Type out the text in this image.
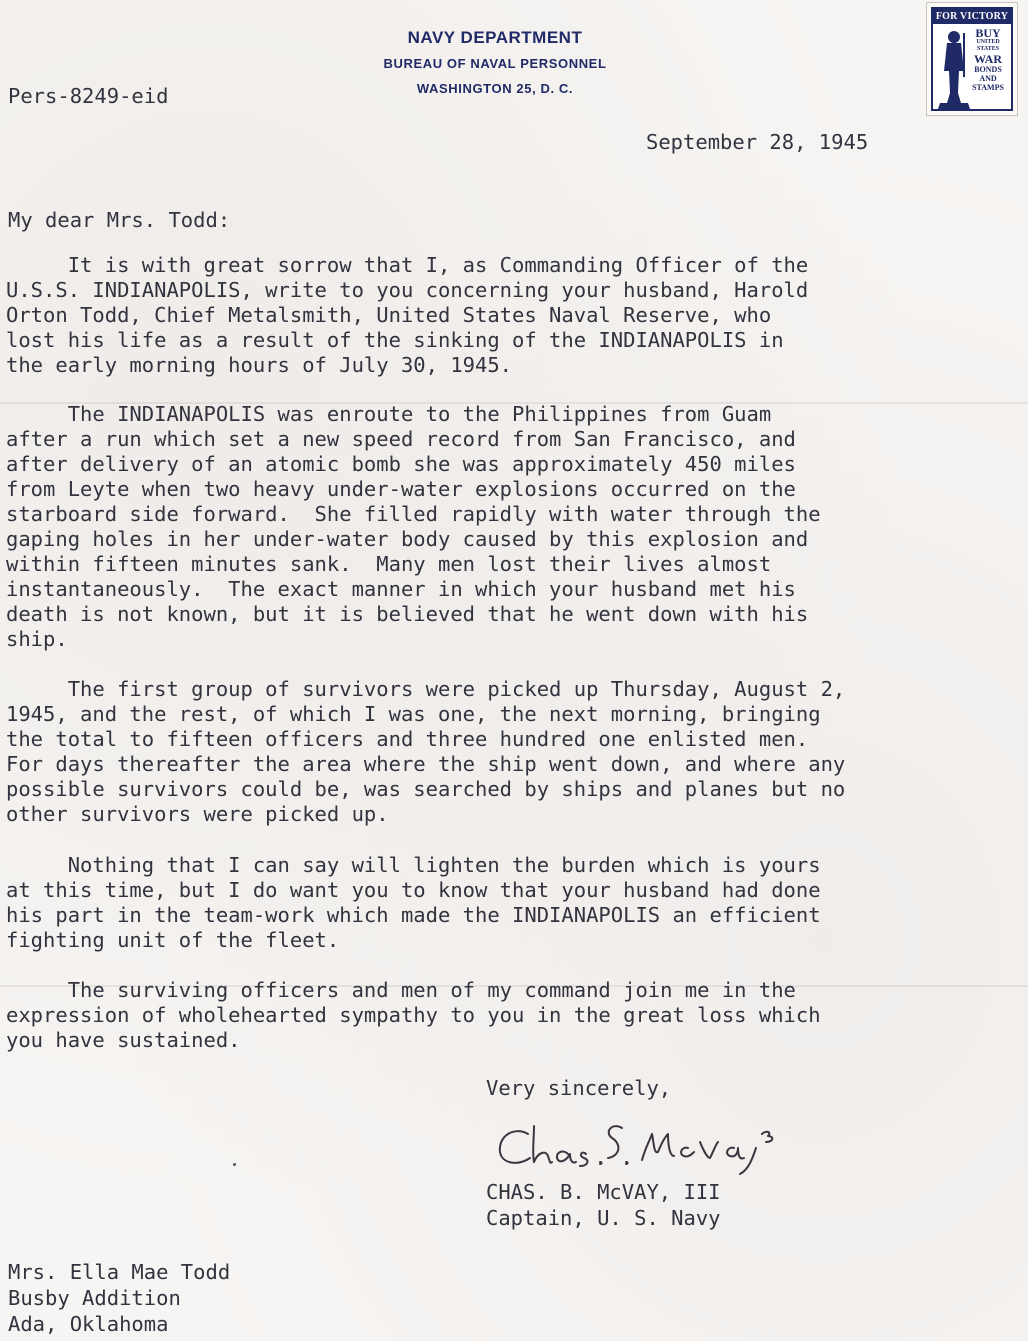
NAVY DEPARTMENT
BUREAU OF NAVAL PERSONNEL
WASHINGTON 25, D. C.
FOR VICTORY
BUY
UNITED STATES
WAR
BONDS AND
STAMPS
Pers-8249-eid
September 28, 1945
My dear Mrs. Todd:
It is with great sorrow that I, as Commanding Officer of the
U.S.S. INDIANAPOLIS, write to you concerning your husband, Harold
Orton Todd, Chief Metalsmith, United States Naval Reserve, who
lost his life as a result of the sinking of the INDIANAPOLIS in
the early morning hours of July 30, 1945.
The INDIANAPOLIS was enroute to the Philippines from Guam
after a run which set a new speed record from San Francisco, and
after delivery of an atomic bomb she was approximately 450 miles
from Leyte when two heavy under-water explosions occurred on the
starboard side forward.  She filled rapidly with water through the
gaping holes in her under-water body caused by this explosion and
within fifteen minutes sank.  Many men lost their lives almost
instantaneously.  The exact manner in which your husband met his
death is not known, but it is believed that he went down with his
ship.
The first group of survivors were picked up Thursday, August 2,
1945, and the rest, of which I was one, the next morning, bringing
the total to fifteen officers and three hundred one enlisted men.
For days thereafter the area where the ship went down, and where any
possible survivors could be, was searched by ships and planes but no
other survivors were picked up.
Nothing that I can say will lighten the burden which is yours
at this time, but I do want you to know that your husband had done
his part in the team-work which made the INDIANAPOLIS an efficient
fighting unit of the fleet.
The surviving officers and men of my command join me in the
expression of wholehearted sympathy to you in the great loss which
you have sustained.
Very sincerely,
CHAS. B. McVAY, III
Captain, U. S. Navy
Mrs. Ella Mae Todd
Busby Addition
Ada, Oklahoma
